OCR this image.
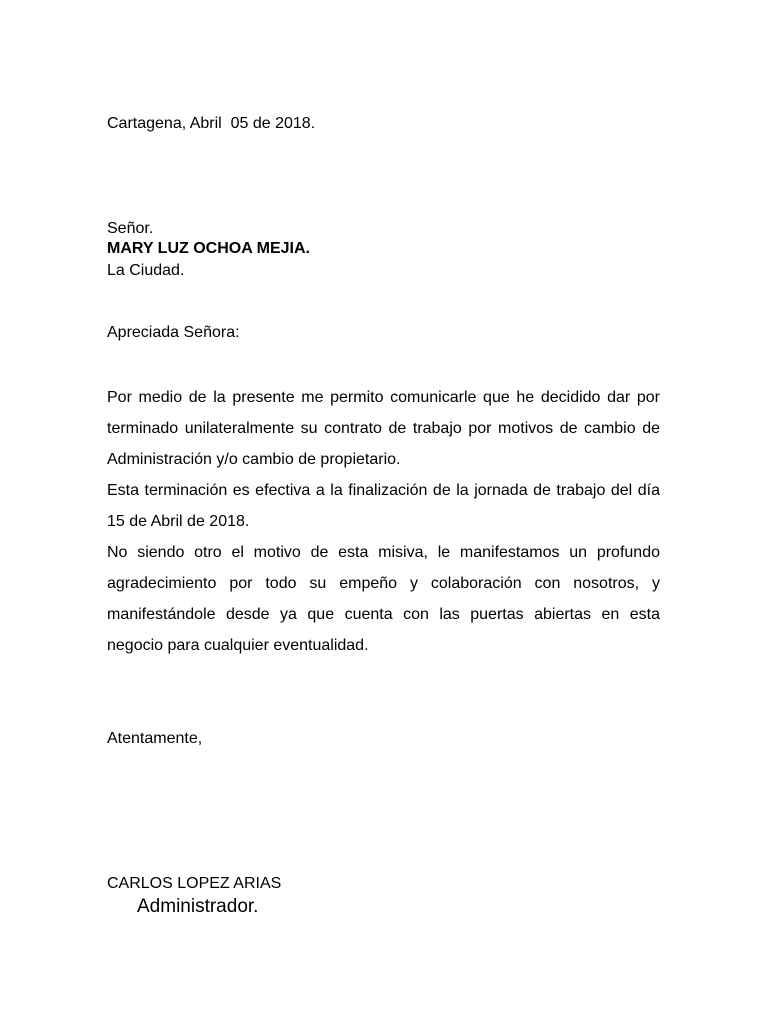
Cartagena, Abril  05 de 2018.

Señor.

MARY LUZ OCHOA MEJIA.

La Ciudad.

Apreciada Señora:

Por medio de la presente me permito comunicarle que he decidido dar por terminado unilateralmente su contrato de trabajo por motivos de cambio de Administración y/o cambio de propietario.

Esta terminación es efectiva a la finalización de la jornada de trabajo del día 15 de Abril de 2018.

No siendo otro el motivo de esta misiva, le manifestamos un profundo agradecimiento por todo su empeño y colaboración con nosotros, y manifestándole desde ya que cuenta con las puertas abiertas en esta negocio para cualquier eventualidad.

Atentamente,

CARLOS LOPEZ ARIAS

Administrador.
